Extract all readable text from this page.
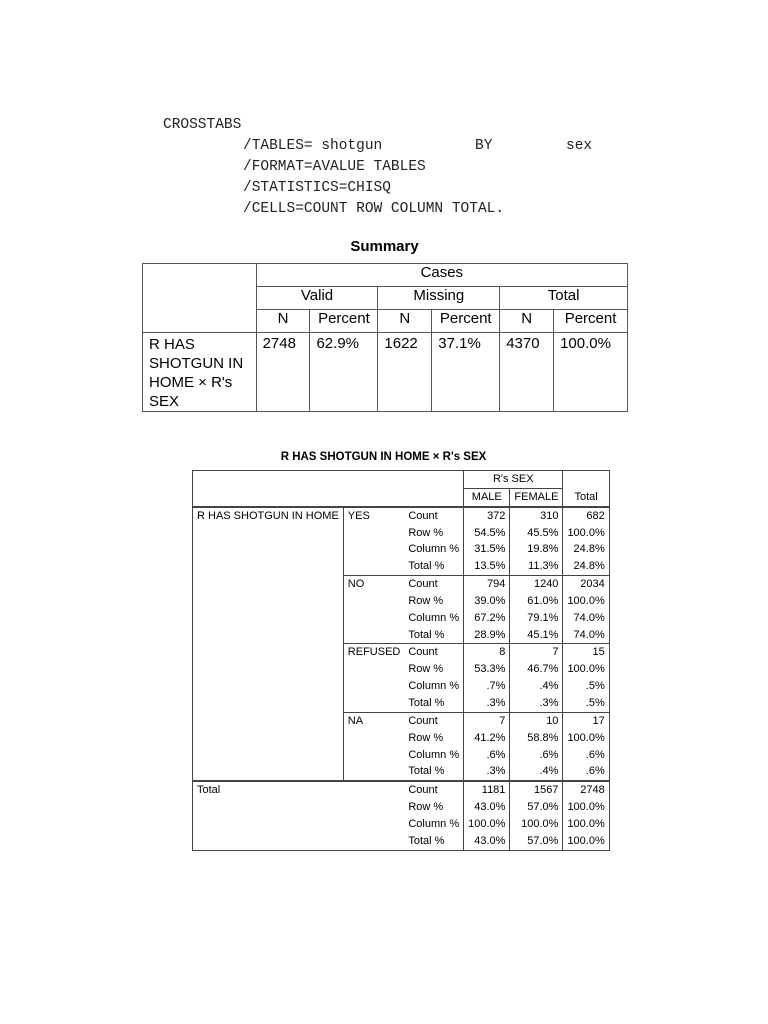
CROSSTABS
/TABLES= shotgun	BY	sex
/FORMAT=AVALUE TABLES
/STATISTICS=CHISQ
/CELLS=COUNT ROW COLUMN TOTAL.

Summary
	Cases					
	Valid		Missing		Total	
	N	Percent	N	Percent	N	Percent
R HAS SHOTGUN IN HOME × R's SEX	2748	62.9%	1622	37.1%	4370	100.0%
R HAS SHOTGUN IN HOME × R's SEX
			R's SEX		Total
			MALE	FEMALE	
R HAS SHOTGUN IN HOME	YES	Count	372	310	682
		Row %	54.5%	45.5%	100.0%
		Column %	31.5%	19.8%	24.8%
		Total %	13.5%	11.3%	24.8%
	NO	Count	794	1240	2034
		Row %	39.0%	61.0%	100.0%
		Column %	67.2%	79.1%	74.0%
		Total %	28.9%	45.1%	74.0%
	REFUSED	Count	8	7	15
		Row %	53.3%	46.7%	100.0%
		Column %	.7%	.4%	.5%
		Total %	.3%	.3%	.5%
	NA	Count	7	10	17
		Row %	41.2%	58.8%	100.0%
		Column %	.6%	.6%	.6%
		Total %	.3%	.4%	.6%
Total		Count	1181	1567	2748
		Row %	43.0%	57.0%	100.0%
		Column %	100.0%	100.0%	100.0%
		Total %	43.0%	57.0%	100.0%
